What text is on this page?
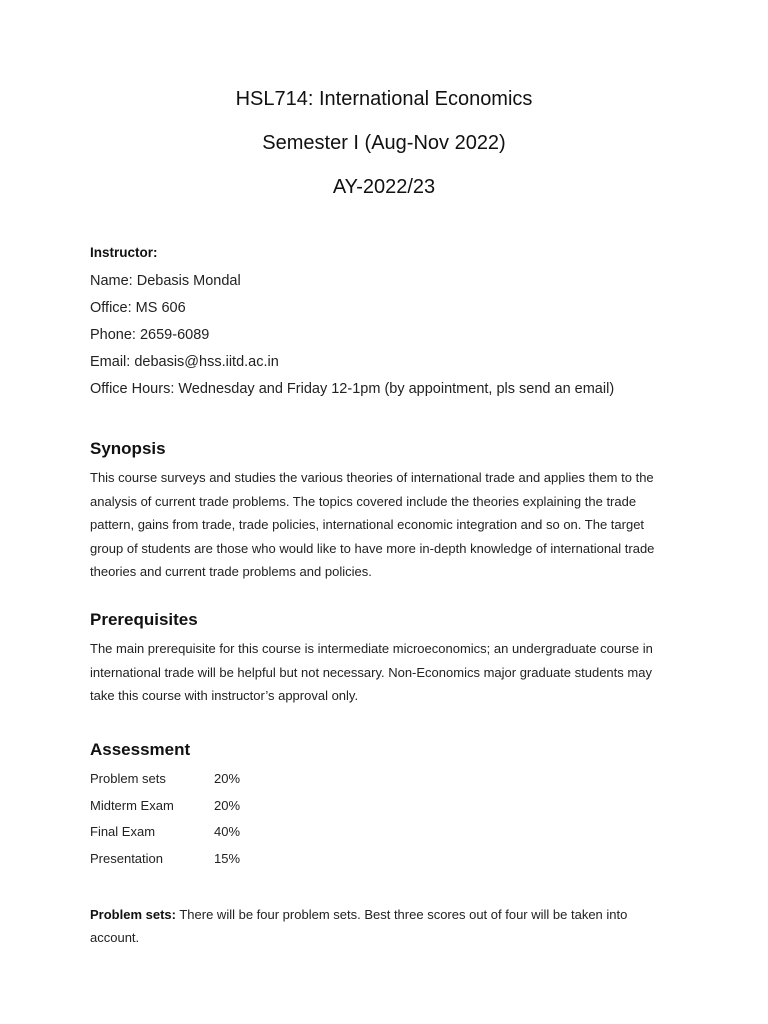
HSL714: International Economics
Semester I (Aug-Nov 2022)
AY-2022/23
Instructor:
Name: Debasis Mondal
Office: MS 606
Phone: 2659-6089
Email: debasis@hss.iitd.ac.in
Office Hours: Wednesday and Friday 12-1pm (by appointment, pls send an email)
Synopsis

This course surveys and studies the various theories of international trade and applies them to the analysis of current trade problems. The topics covered include the theories explaining the trade pattern, gains from trade, trade policies, international economic integration and so on. The target group of students are those who would like to have more in-depth knowledge of international trade theories and current trade problems and policies.

Prerequisites

The main prerequisite for this course is intermediate microeconomics; an undergraduate course in international trade will be helpful but not necessary. Non-Economics major graduate students may take this course with instructor’s approval only.

Assessment
Problem sets	20%
Midterm Exam	20%
Final Exam	40%
Presentation	15%
Problem sets: There will be four problem sets. Best three scores out of four will be taken into account.
